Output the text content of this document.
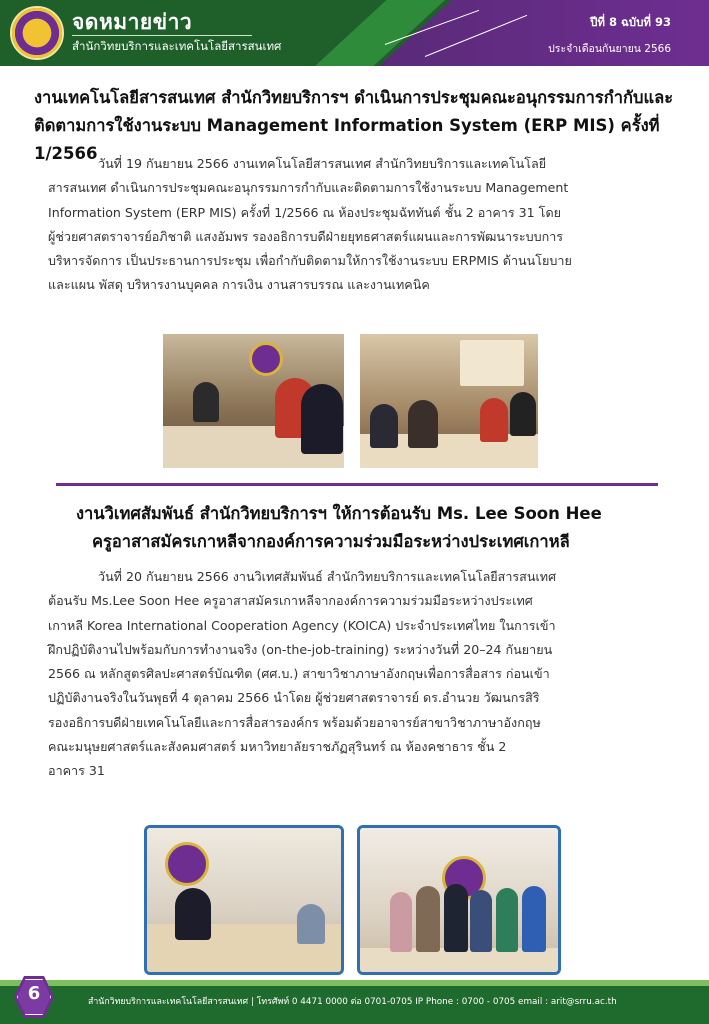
จดหมายข่าว
สำนักวิทยบริการและเทคโนโลยีสารสนเทศ
ปีที่ 8 ฉบับที่ 93
ประจำเดือนกันยายน 2566
งานเทคโนโลยีสารสนเทศ สำนักวิทยบริการฯ ดำเนินการประชุมคณะอนุกรรมการกำกับและ
ติดตามการใช้งานระบบ Management Information System (ERP MIS) ครั้งที่ 1/2566

วันที่ 19 กันยายน 2566 งานเทคโนโลยีสารสนเทศ สำนักวิทยบริการและเทคโนโลยี

สารสนเทศ ดำเนินการประชุมคณะอนุกรรมการกำกับและติดตามการใช้งานระบบ Management

Information System (ERP MIS) ครั้งที่ 1/2566 ณ ห้องประชุมฉัททันต์ ชั้น 2 อาคาร 31 โดย

ผู้ช่วยศาสตราจารย์อภิชาติ แสงอัมพร รองอธิการบดีฝ่ายยุทธศาสตร์แผนและการพัฒนาระบบการ

บริหารจัดการ เป็นประธานการประชุม เพื่อกำกับติดตามให้การใช้งานระบบ ERPMIS ด้านนโยบาย

และแผน พัสดุ บริหารงานบุคคล การเงิน งานสารบรรณ และงานเทคนิค

งานวิเทศสัมพันธ์ สำนักวิทยบริการฯ ให้การต้อนรับ Ms. Lee Soon Hee
ครูอาสาสมัครเกาหลีจากองค์การความร่วมมือระหว่างประเทศเกาหลี

วันที่ 20 กันยายน 2566 งานวิเทศสัมพันธ์ สำนักวิทยบริการและเทคโนโลยีสารสนเทศ

ต้อนรับ Ms.Lee Soon Hee ครูอาสาสมัครเกาหลีจากองค์การความร่วมมือระหว่างประเทศ

เกาหลี Korea International Cooperation Agency (KOICA) ประจำประเทศไทย ในการเข้า

ฝึกปฏิบัติงานไปพร้อมกับการทำงานจริง (on-the-job-training) ระหว่างวันที่ 20–24 กันยายน

2566 ณ หลักสูตรศิลปะศาสตร์บัณฑิต (ศศ.บ.) สาขาวิชาภาษาอังกฤษเพื่อการสื่อสาร ก่อนเข้า

ปฏิบัติงานจริงในวันพุธที่ 4 ตุลาคม 2566 นำโดย ผู้ช่วยศาสตราจารย์ ดร.อำนวย วัฒนกรสิริ

รองอธิการบดีฝ่ายเทคโนโลยีและการสื่อสารองค์กร พร้อมด้วยอาจารย์สาขาวิชาภาษาอังกฤษ

คณะมนุษยศาสตร์และสังคมศาสตร์ มหาวิทยาลัยราชภัฏสุรินทร์ ณ ห้องคชาธาร ชั้น 2

อาคาร 31

6	สำนักวิทยบริการและเทคโนโลยีสารสนเทศ | โทรศัพท์ 0 4471 0000 ต่อ 0701-0705 IP Phone : 0700 - 0705 email : arit@srru.ac.th
